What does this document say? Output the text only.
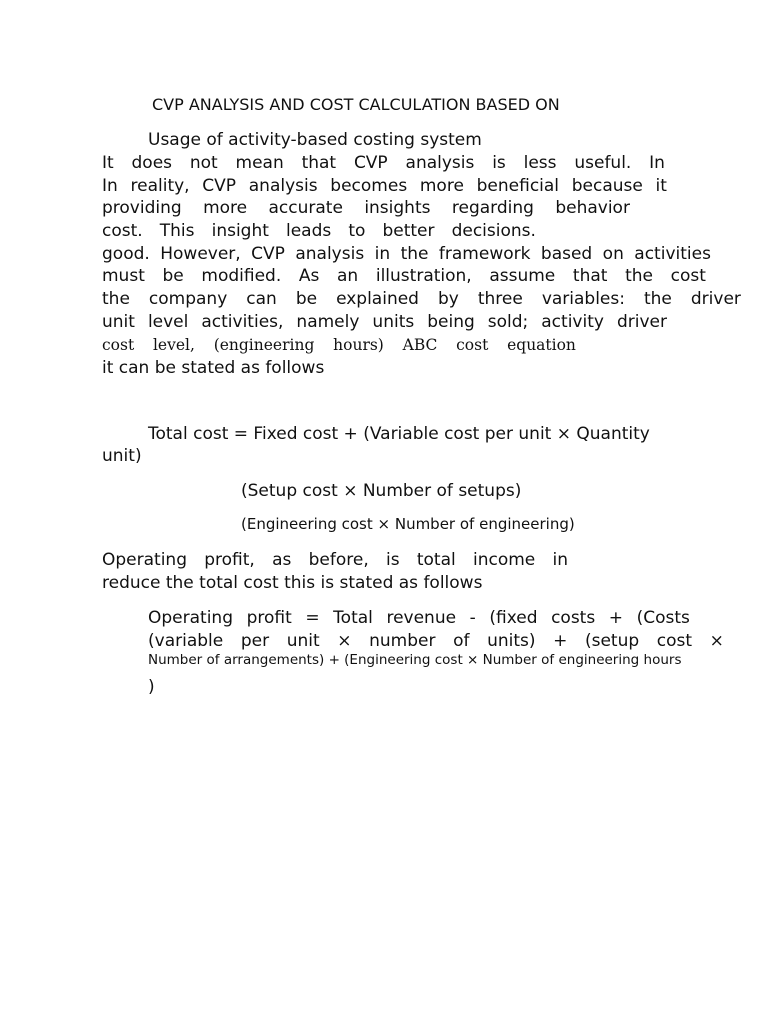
CVP ANALYSIS AND COST CALCULATION BASED ON

Usage of activity-based costing system

It does not mean that CVP analysis is less useful. In

In reality, CVP analysis becomes more beneficial because it

providing more accurate insights regarding behavior

cost. This insight leads to better decisions.

good. However, CVP analysis in the framework based on activities

must be modified. As an illustration, assume that the cost

the company can be explained by three variables: the driver

unit level activities, namely units being sold; activity driver

cost level, (engineering hours) ABC cost equation

it can be stated as follows

Total cost = Fixed cost + (Variable cost per unit × Quantity

unit)

(Setup cost × Number of setups)

(Engineering cost × Number of engineering)

Operating profit, as before, is total income in

reduce the total cost this is stated as follows

Operating profit = Total revenue - (fixed costs + (Costs

(variable per unit × number of units) + (setup cost ×

Number of arrangements) + (Engineering cost × Number of engineering hours

)
